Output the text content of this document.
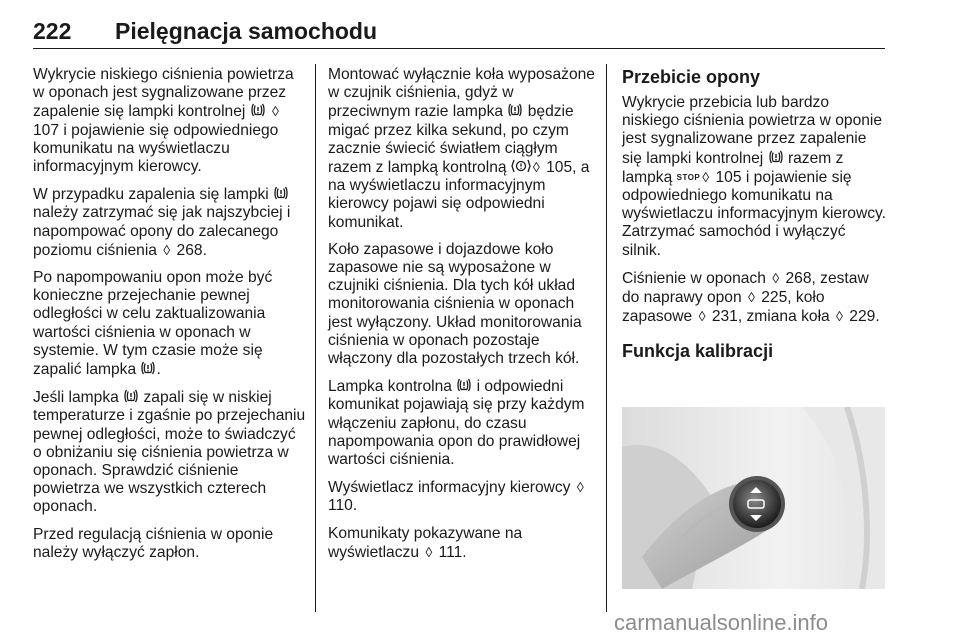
222 Pielęgnacja samochodu

Wykrycie niskiego ciśnienia powietrza w oponach jest sygnalizowane przez zapalenie się lampki kontrolnej  ◊ 107 i pojawienie się odpowiedniego komunikatu na wyświetlaczu informacyjnym kierowcy.

W przypadku zapalenia się lampki  należy zatrzymać się jak najszybciej i napompować opony do zalecanego poziomu ciśnienia ◊ 268.

Po napompowaniu opon może być konieczne przejechanie pewnej odległości w celu zaktualizowania wartości ciśnienia w oponach w systemie. W tym czasie może się zapalić lampka .

Jeśli lampka  zapali się w niskiej temperaturze i zgaśnie po przejechaniu pewnej odległości, może to świadczyć o obniżaniu się ciśnienia powietrza w oponach. Sprawdzić ciśnienie powietrza we wszystkich czterech oponach.

Przed regulacją ciśnienia w oponie należy wyłączyć zapłon.

Montować wyłącznie koła wyposażone w czujnik ciśnienia, gdyż w przeciwnym razie lampka  będzie migać przez kilka sekund, po czym zacznie świecić światłem ciągłym razem z lampką kontrolną ◊ 105, a na wyświetlaczu informacyjnym kierowcy pojawi się odpowiedni komunikat.

Koło zapasowe i dojazdowe koło zapasowe nie są wyposażone w czujniki ciśnienia. Dla tych kół układ monitorowania ciśnienia w oponach jest wyłączony. Układ monitorowania ciśnienia w oponach pozostaje włączony dla pozostałych trzech kół.

Lampka kontrolna  i odpowiedni komunikat pojawiają się przy każdym włączeniu zapłonu, do czasu napompowania opon do prawidłowej wartości ciśnienia.

Wyświetlacz informacyjny kierowcy ◊ 110.

Komunikaty pokazywane na wyświetlaczu ◊ 111.

Przebicie opony

Wykrycie przebicia lub bardzo niskiego ciśnienia powietrza w oponie jest sygnalizowane przez zapalenie się lampki kontrolnej  razem z lampką STOP ◊ 105 i pojawienie się odpowiedniego komunikatu na wyświetlaczu informacyjnym kierowcy. Zatrzymać samochód i wyłączyć silnik.

Ciśnienie w oponach ◊ 268, zestaw do naprawy opon ◊ 225, koło zapasowe ◊ 231, zmiana koła ◊ 229.

Funkcja kalibracji
carmanualsonline.info
